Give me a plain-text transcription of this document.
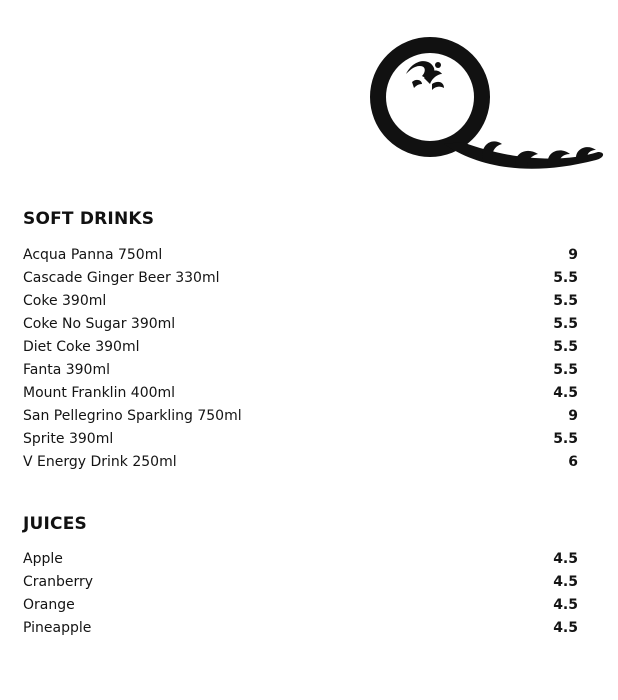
SOFT DRINKS
Acqua Panna 750ml	9
Cascade Ginger Beer 330ml	5.5
Coke 390ml	5.5
Coke No Sugar 390ml	5.5
Diet Coke 390ml	5.5
Fanta 390ml	5.5
Mount Franklin 400ml	4.5
San Pellegrino Sparkling 750ml	9
Sprite 390ml	5.5
V Energy Drink 250ml	6
JUICES
Apple	4.5
Cranberry	4.5
Orange	4.5
Pineapple	4.5
